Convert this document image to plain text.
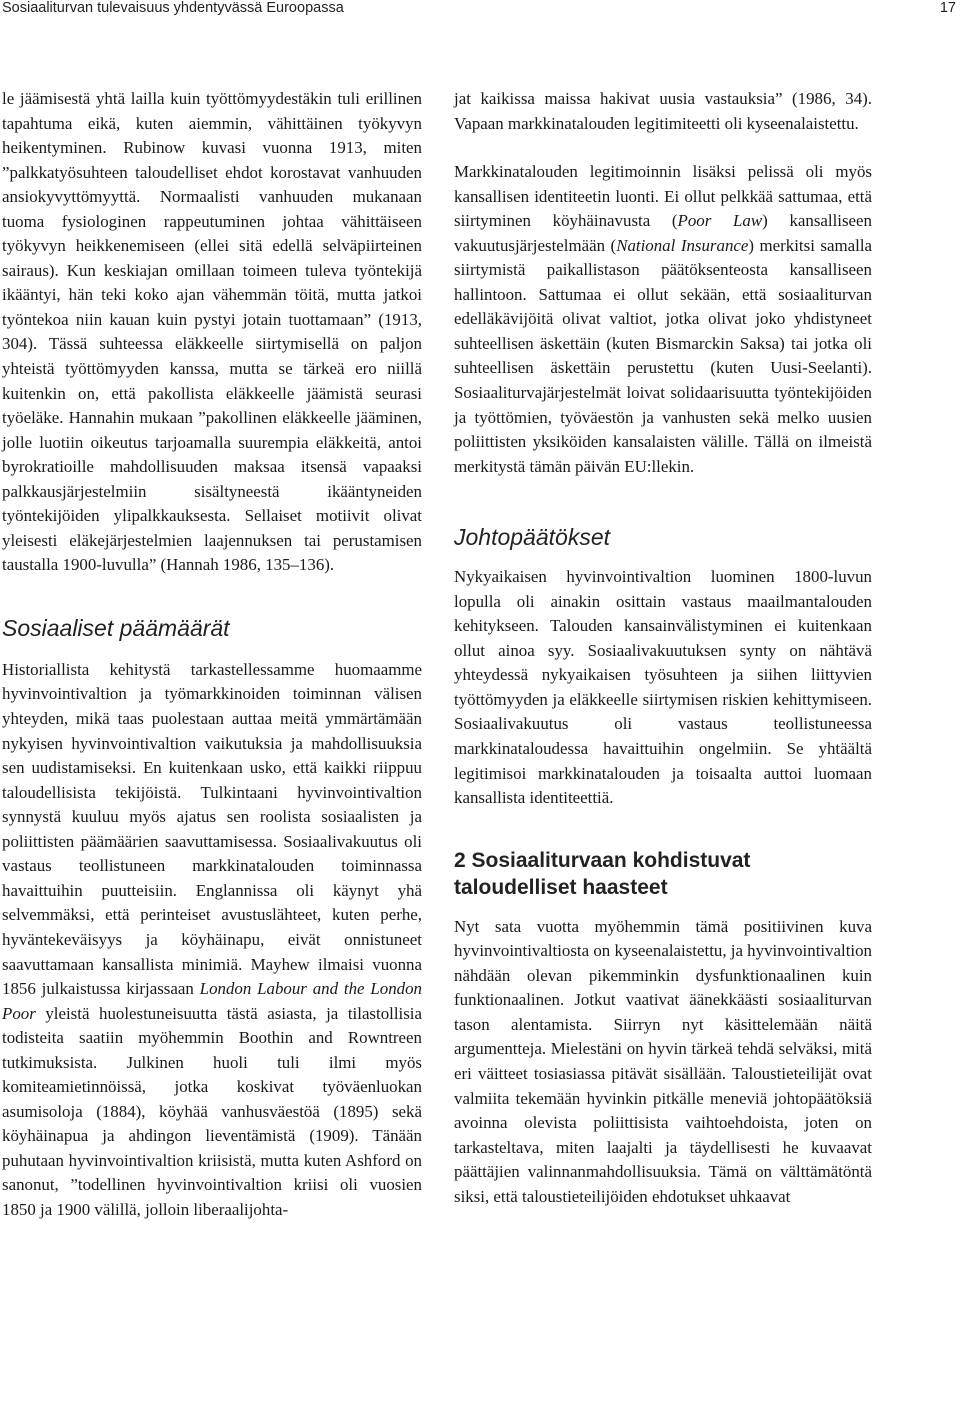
Sosiaaliturvan tulevaisuus yhdentyvässä Euroopassa	17

le jäämisestä yhtä lailla kuin työttömyydestäkin tuli erillinen tapahtuma eikä, kuten aiemmin, vähittäinen työkyvyn heikentyminen. Rubinow kuvasi vuonna 1913, miten ”palkkatyösuhteen taloudelliset ehdot korostavat vanhuuden ansiokyvyttömyyttä. Normaalisti vanhuuden mukanaan tuoma fysiologinen rappeutuminen johtaa vähittäiseen työkyvyn heikkenemiseen (ellei sitä edellä selväpiirteinen sairaus). Kun keskiajan omillaan toimeen tuleva työntekijä ikääntyi, hän teki koko ajan vähemmän töitä, mutta jatkoi työntekoa niin kauan kuin pystyi jotain tuottamaan” (1913, 304). Tässä suhteessa eläkkeelle siirtymisellä on paljon yhteistä työttömyyden kanssa, mutta se tärkeä ero niillä kuitenkin on, että pakollista eläkkeelle jäämistä seurasi työeläke. Hannahin mukaan ”pakollinen eläkkeelle jääminen, jolle luotiin oikeutus tarjoamalla suurempia eläkkeitä, antoi byrokratioille mahdollisuuden maksaa itsensä vapaaksi palkkausjärjestelmiin sisältyneestä ikääntyneiden työntekijöiden ylipalkkauksesta. Sellaiset motiivit olivat yleisesti eläkejärjestelmien laajennuksen tai perustamisen taustalla 1900-luvulla” (Hannah 1986, 135–136).

Sosiaaliset päämäärät

Historiallista kehitystä tarkastellessamme huomaamme hyvinvointivaltion ja työmarkkinoiden toiminnan välisen yhteyden, mikä taas puolestaan auttaa meitä ymmärtämään nykyisen hyvinvointivaltion vaikutuksia ja mahdollisuuksia sen uudistamiseksi. En kuitenkaan usko, että kaikki riippuu taloudellisista tekijöistä. Tulkintaani hyvinvointivaltion synnystä kuuluu myös ajatus sen roolista sosiaalisten ja poliittisten päämäärien saavuttamisessa. Sosiaalivakuutus oli vastaus teollistuneen markkinatalouden toiminnassa havaittuihin puutteisiin. Englannissa oli käynyt yhä selvemmäksi, että perinteiset avustuslähteet, kuten perhe, hyväntekeväisyys ja köyhäinapu, eivät onnistuneet saavuttamaan kansallista minimiä. Mayhew ilmaisi vuonna 1856 julkaistussa kirjassaan London Labour and the London Poor yleistä huolestuneisuutta tästä asiasta, ja tilastollisia todisteita saatiin myöhemmin Boothin and Rowntreen tutkimuksista. Julkinen huoli tuli ilmi myös komiteamietinnöissä, jotka koskivat työväenluokan asumisoloja (1884), köyhää vanhusväestöä (1895) sekä köyhäinapua ja ahdingon lieventämistä (1909). Tänään puhutaan hyvinvointivaltion kriisistä, mutta kuten Ashford on sanonut, ”todellinen hyvinvointivaltion kriisi oli vuosien 1850 ja 1900 välillä, jolloin liberaalijohta-

jat kaikissa maissa hakivat uusia vastauksia” (1986, 34). Vapaan markkinatalouden legitimiteetti oli kyseenalaistettu.

Markkinatalouden legitimoinnin lisäksi pelissä oli myös kansallisen identiteetin luonti. Ei ollut pelkkää sattumaa, että siirtyminen köyhäinavusta (Poor Law) kansalliseen vakuutusjärjestelmään (National Insurance) merkitsi samalla siirtymistä paikallistason päätöksenteosta kansalliseen hallintoon. Sattumaa ei ollut sekään, että sosiaaliturvan edelläkävijöitä olivat valtiot, jotka olivat joko yhdistyneet suhteellisen äskettäin (kuten Bismarckin Saksa) tai jotka oli suhteellisen äskettäin perustettu (kuten Uusi-Seelanti). Sosiaaliturvajärjestelmät loivat solidaarisuutta työntekijöiden ja työttömien, työväestön ja vanhusten sekä melko uusien poliittisten yksiköiden kansalaisten välille. Tällä on ilmeistä merkitystä tämän päivän EU:llekin.

Johtopäätökset

Nykyaikaisen hyvinvointivaltion luominen 1800-luvun lopulla oli ainakin osittain vastaus maailmantalouden kehitykseen. Talouden kansainvälistyminen ei kuitenkaan ollut ainoa syy. Sosiaalivakuutuksen synty on nähtävä yhteydessä nykyaikaisen työsuhteen ja siihen liittyvien työttömyyden ja eläkkeelle siirtymisen riskien kehittymiseen. Sosiaalivakuutus oli vastaus teollistuneessa markkinataloudessa havaittuihin ongelmiin. Se yhtäältä legitimisoi markkinatalouden ja toisaalta auttoi luomaan kansallista identiteettiä.

2 Sosiaaliturvaan kohdistuvat
taloudelliset haasteet

Nyt sata vuotta myöhemmin tämä positiivinen kuva hyvinvointivaltiosta on kyseenalaistettu, ja hyvinvointivaltion nähdään olevan pikemminkin dysfunktionaalinen kuin funktionaalinen. Jotkut vaativat äänekkäästi sosiaaliturvan tason alentamista. Siirryn nyt käsittelemään näitä argumentteja. Mielestäni on hyvin tärkeä tehdä selväksi, mitä eri väitteet tosiasiassa pitävät sisällään. Taloustieteilijät ovat valmiita tekemään hyvinkin pitkälle meneviä johtopäätöksiä avoinna olevista poliittisista vaihtoehdoista, joten on tarkasteltava, miten laajalti ja täydellisesti he kuvaavat päättäjien valinnanmahdollisuuksia. Tämä on välttämätöntä siksi, että taloustieteilijöiden ehdotukset uhkaavat
